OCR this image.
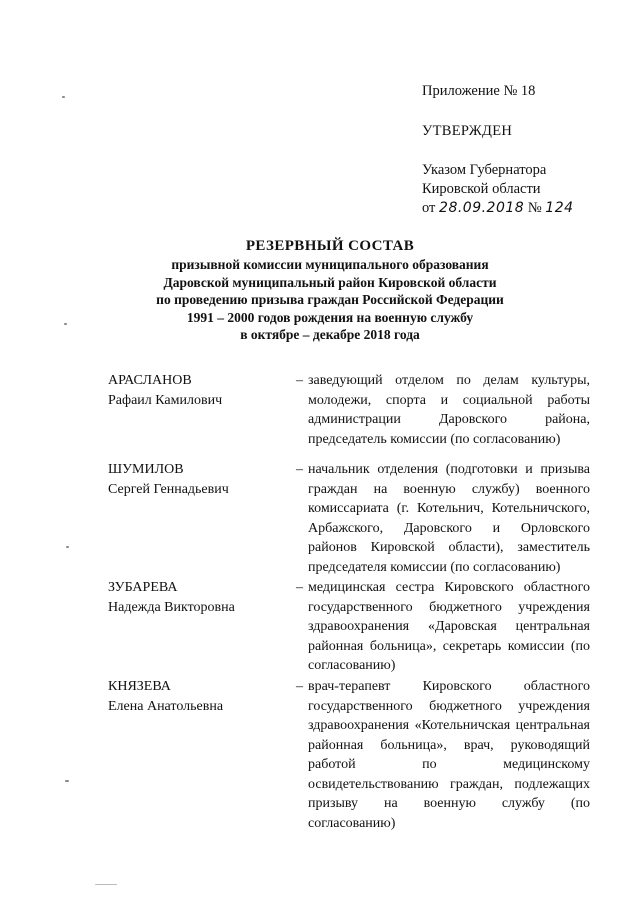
Приложение № 18
УТВЕРЖДЕН
Указом Губернатора
Кировской области
от 28.09.2018 № 124
РЕЗЕРВНЫЙ СОСТАВ
призывной комиссии муниципального образования
Даровской муниципальный район Кировской области
по проведению призыва граждан Российской Федерации
1991 – 2000 годов рождения на военную службу
в октябре – декабре 2018 года
АРАСЛАНОВ
Рафаил Камилович
– заведующий отделом по делам культуры, молодежи, спорта и социальной работы администрации Даровского района, председатель комиссии (по согласованию)
ШУМИЛОВ
Сергей Геннадьевич
– начальник отделения (подготовки и призыва граждан на военную службу) военного комиссариата (г. Котельнич, Котельничского, Арбажского, Даровского и Орловского районов Кировской области), заместитель председателя комиссии (по согласованию)
ЗУБАРЕВА
Надежда Викторовна
– медицинская сестра Кировского областного государственного бюджетного учреждения здравоохранения «Даровская центральная районная больница», секретарь комиссии (по согласованию)
КНЯЗЕВА
Елена Анатольевна
– врач-терапевт Кировского областного государственного бюджетного учреждения здравоохранения «Котельничская центральная районная больница», врач, руководящий работой по медицинскому освидетельствованию граждан, подлежащих призыву на военную службу (по согласованию)
